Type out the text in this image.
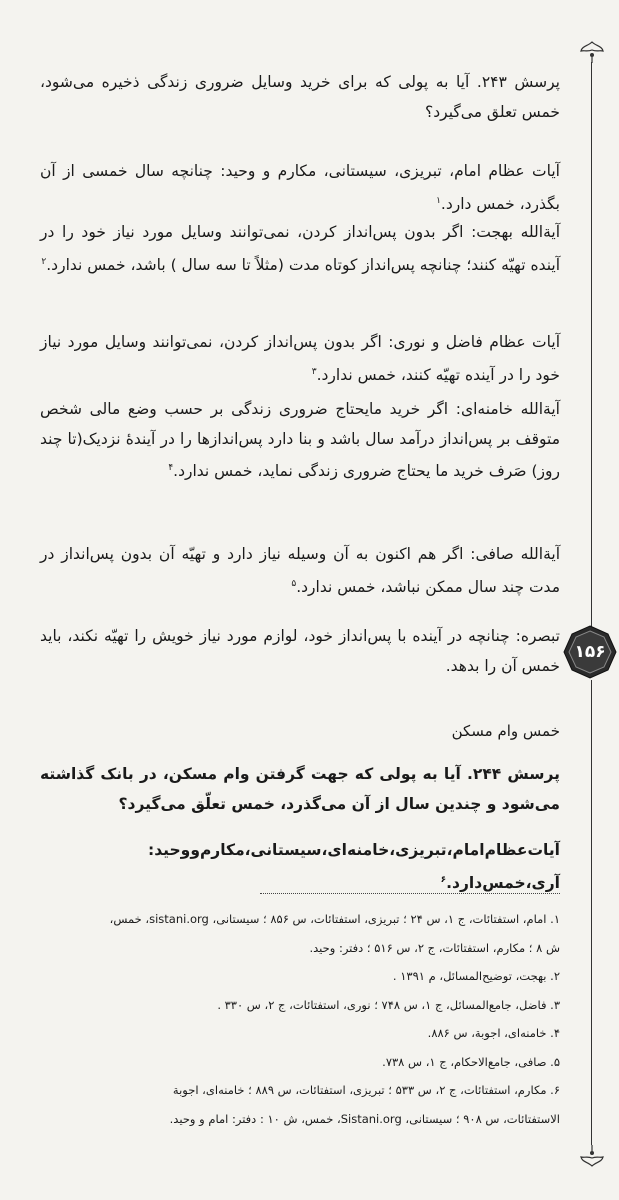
۱۵۶

پرسش ۲۴۳. آیا به پولی که برای خرید وسایل ضروری زندگی ذخیره می‌شود، خمس تعلق می‌گیرد؟

آیات عظام امام، تبریزی، سیستانی، مکارم و وحید: چنانچه سال خمسی از آن بگذرد، خمس دارد.$^۱$

آیةالله بهجت: اگر بدون پس‌انداز کردن، نمی‌توانند وسایل مورد نیاز خود را در آینده تهیّه کنند؛ چنانچه پس‌انداز کوتاه مدت (مثلاً تا سه سال ) باشد، خمس ندارد.$^۲$

آیات عظام فاضل و نوری: اگر بدون پس‌انداز کردن، نمی‌توانند وسایل مورد نیاز خود را در آینده تهیّه کنند، خمس ندارد.$^۳$

آیةالله خامنه‌ای: اگر خرید مایحتاج ضروری زندگی بر حسب وضع مالی شخص متوقف بر پس‌انداز درآمد سال باشد و بنا دارد پس‌اندازها را در آیندهٔ نزدیک(تا چند روز) صَرف خرید ما یحتاج ضروری زندگی نماید، خمس ندارد.$^۴$

آیةالله صافی: اگر هم اکنون به آن وسیله نیاز دارد و تهیّه آن بدون پس‌انداز در مدت چند سال ممکن نباشد، خمس ندارد.$^۵$

تبصره: چنانچه در آینده با پس‌انداز خود، لوازم مورد نیاز خویش را تهیّه نکند، باید خمس آن را بدهد.

خمس وام مسکن

پرسش ۲۴۴. آیا به پولی که جهت گرفتن وام مسکن، در بانک گذاشته می‌شود و چندین سال از آن می‌گذرد، خمس تعلّق می‌گیرد؟

آیات‌عظام‌امام،تبریزی،خامنه‌ای،سیستانی،مکارم‌ووحید: آری،خمس‌دارد.$^۶$

۱. امام، استفتائات، ج ۱، س ۲۴ ؛ تبریزی، استفتائات، س ۸۵۶ ؛ سیستانی، sistani.org، خمس،
ش ۸ ؛ مکارم، استفتائات، ج ۲، س ۵۱۶ ؛ دفتر: وحید.
۲. بهجت، توضیح‌المسائل، م ۱۳۹۱ .
۳. فاضل، جامع‌المسائل، ج ۱، س ۷۴۸ ؛ نوری، استفتائات، ج ۲، س ۳۳۰ .
۴. خامنه‌ای، اجوبة، س ۸۸۶.
۵. صافی، جامع‌الاحکام، ج ۱، س ۷۳۸.
۶. مکارم، استفتائات، ج ۲، س ۵۳۳ ؛ تبریزی، استفتائات، س ۸۸۹ ؛ خامنه‌ای، اجوبة
الاستفتائات، س ۹۰۸ ؛ سیستانی، Sistani.org، خمس، ش ۱۰ : دفتر: امام و وحید.
